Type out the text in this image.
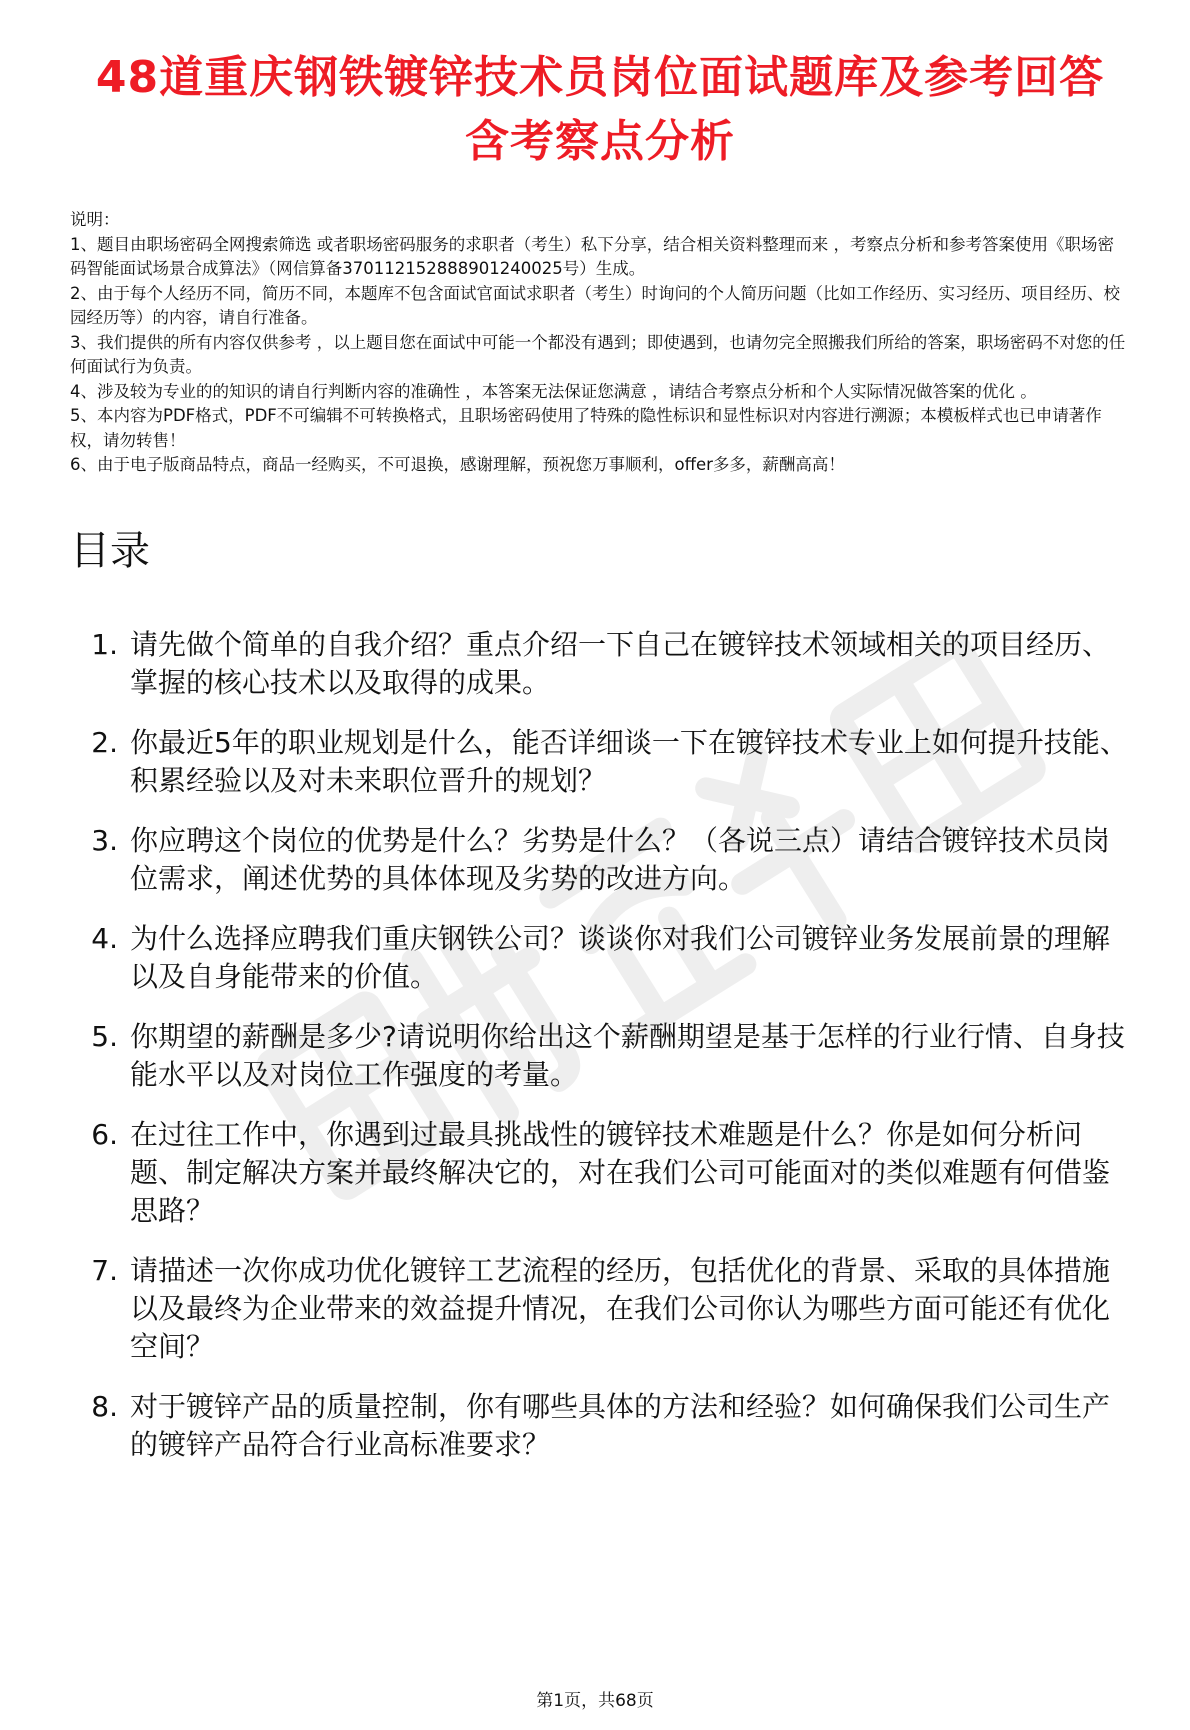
48道重庆钢铁镀锌技术员岗位面试题库及参考回答含考察点分析
说明：
1、题目由职场密码全网搜索筛选 或者职场密码服务的求职者（考生）私下分享，结合相关资料整理而来 ，考察点分析和参考答案使用《职场密码智能面试场景合成算法》（网信算备370112152888901240025号）生成。
2、由于每个人经历不同，简历不同，本题库不包含面试官面试求职者（考生）时询问的个人简历问题（比如工作经历、实习经历、项目经历、校园经历等）的内容，请自行准备。
3、我们提供的所有内容仅供参考 ，以上题目您在面试中可能一个都没有遇到；即使遇到，也请勿完全照搬我们所给的答案，职场密码不对您的任何面试行为负责。
4、涉及较为专业的的知识的请自行判断内容的准确性 ，本答案无法保证您满意 ，请结合考察点分析和个人实际情况做答案的优化 。
5、本内容为PDF格式，PDF不可编辑不可转换格式，且职场密码使用了特殊的隐性标识和显性标识对内容进行溯源；本模板样式也已申请著作权，请勿转售！
6、由于电子版商品特点，商品一经购买，不可退换，感谢理解，预祝您万事顺利，offer多多，薪酬高高！
目录
1. 请先做个简单的自我介绍？重点介绍一下自己在镀锌技术领域相关的项目经历、掌握的核心技术以及取得的成果。
2. 你最近5年的职业规划是什么，能否详细谈一下在镀锌技术专业上如何提升技能、积累经验以及对未来职位晋升的规划？
3. 你应聘这个岗位的优势是什么？劣势是什么？（各说三点）请结合镀锌技术员岗位需求，阐述优势的具体体现及劣势的改进方向。
4. 为什么选择应聘我们重庆钢铁公司？谈谈你对我们公司镀锌业务发展前景的理解以及自身能带来的价值。
5. 你期望的薪酬是多少?请说明你给出这个薪酬期望是基于怎样的行业行情、自身技能水平以及对岗位工作强度的考量。
6. 在过往工作中，你遇到过最具挑战性的镀锌技术难题是什么？你是如何分析问题、制定解决方案并最终解决它的，对在我们公司可能面对的类似难题有何借鉴思路？
7. 请描述一次你成功优化镀锌工艺流程的经历，包括优化的背景、采取的具体措施以及最终为企业带来的效益提升情况，在我们公司你认为哪些方面可能还有优化空间？
8. 对于镀锌产品的质量控制，你有哪些具体的方法和经验？如何确保我们公司生产的镀锌产品符合行业高标准要求？
第1页，共68页
